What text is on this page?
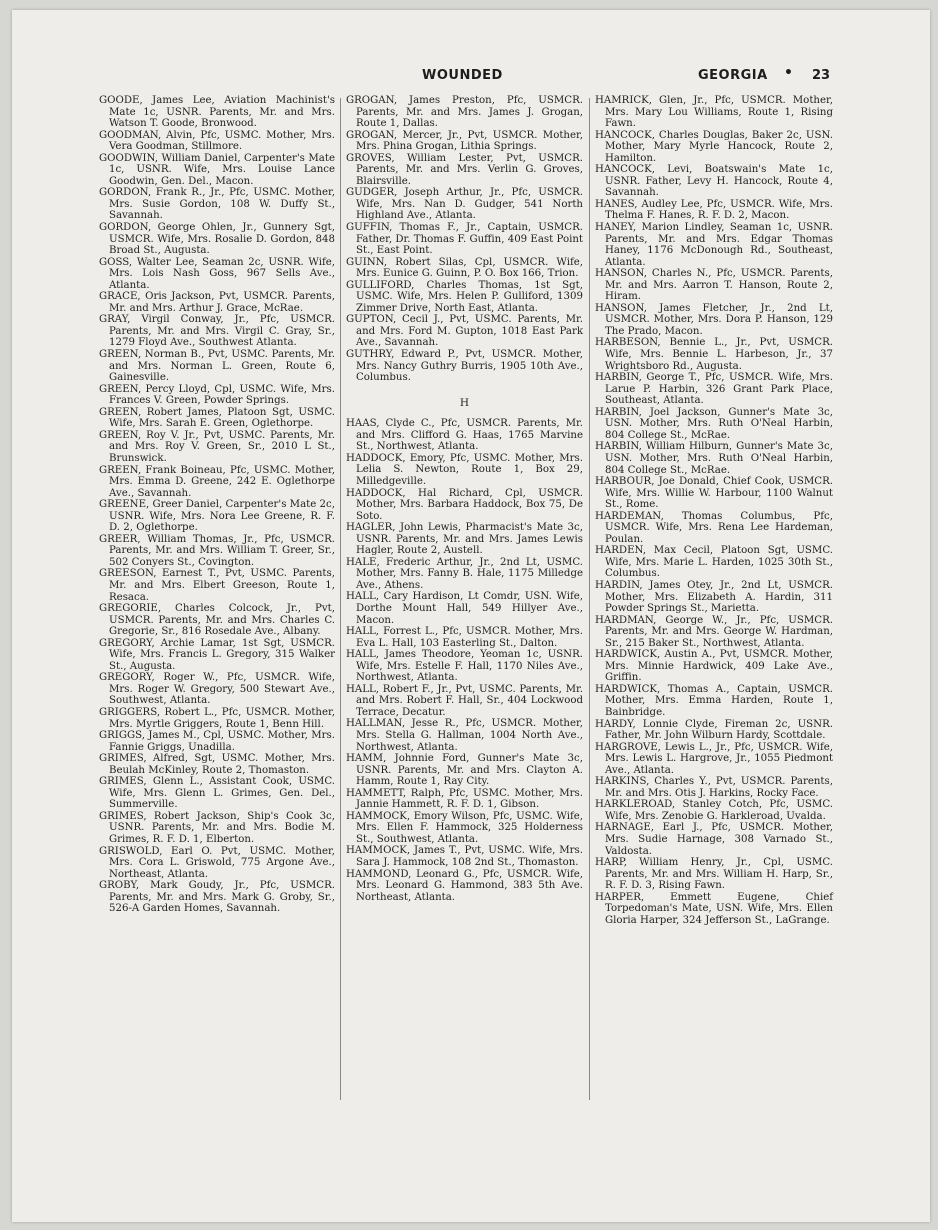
WOUNDED	GEORGIA • 23

GOODE, James Lee, Aviation Machinist's Mate 1c, USNR. Parents, Mr. and Mrs. Watson T. Goode, Bronwood.

GOODMAN, Alvin, Pfc, USMC. Mother, Mrs. Vera Goodman, Stillmore.

GOODWIN, William Daniel, Carpenter's Mate 1c, USNR. Wife, Mrs. Louise Lance Goodwin, Gen. Del., Macon.

GORDON, Frank R., Jr., Pfc, USMC. Mother, Mrs. Susie Gordon, 108 W. Duffy St., Savannah.

GORDON, George Ohlen, Jr., Gunnery Sgt, USMCR. Wife, Mrs. Rosalie D. Gordon, 848 Broad St., Augusta.

GOSS, Walter Lee, Seaman 2c, USNR. Wife, Mrs. Lois Nash Goss, 967 Sells Ave., Atlanta.

GRACE, Oris Jackson, Pvt, USMCR. Parents, Mr. and Mrs. Arthur J. Grace, McRae.

GRAY, Virgil Conway, Jr., Pfc, USMCR. Parents, Mr. and Mrs. Virgil C. Gray, Sr., 1279 Floyd Ave., Southwest Atlanta.

GREEN, Norman B., Pvt, USMC. Parents, Mr. and Mrs. Norman L. Green, Route 6, Gainesville.

GREEN, Percy Lloyd, Cpl, USMC. Wife, Mrs. Frances V. Green, Powder Springs.

GREEN, Robert James, Platoon Sgt, USMC. Wife, Mrs. Sarah E. Green, Oglethorpe.

GREEN, Roy V. Jr., Pvt, USMC. Parents, Mr. and Mrs. Roy V. Green, Sr., 2010 L St., Brunswick.

GREEN, Frank Boineau, Pfc, USMC. Mother, Mrs. Emma D. Greene, 242 E. Oglethorpe Ave., Savannah.

GREENE, Greer Daniel, Carpenter's Mate 2c, USNR. Wife, Mrs. Nora Lee Greene, R. F. D. 2, Oglethorpe.

GREER, William Thomas, Jr., Pfc, USMCR. Parents, Mr. and Mrs. William T. Greer, Sr., 502 Conyers St., Covington.

GREESON, Earnest T., Pvt, USMC. Parents, Mr. and Mrs. Elbert Greeson, Route 1, Resaca.

GREGORIE, Charles Colcock, Jr., Pvt, USMCR. Parents, Mr. and Mrs. Charles C. Gregorie, Sr., 816 Rosedale Ave., Albany.

GREGORY, Archie Lamar, 1st Sgt, USMCR. Wife, Mrs. Francis L. Gregory, 315 Walker St., Augusta.

GREGORY, Roger W., Pfc, USMCR. Wife, Mrs. Roger W. Gregory, 500 Stewart Ave., Southwest, Atlanta.

GRIGGERS, Robert L., Pfc, USMCR. Mother, Mrs. Myrtle Griggers, Route 1, Benn Hill.

GRIGGS, James M., Cpl, USMC. Mother, Mrs. Fannie Griggs, Unadilla.

GRIMES, Alfred, Sgt, USMC. Mother, Mrs. Beulah McKinley, Route 2, Thomaston.

GRIMES, Glenn L., Assistant Cook, USMC. Wife, Mrs. Glenn L. Grimes, Gen. Del., Summerville.

GRIMES, Robert Jackson, Ship's Cook 3c, USNR. Parents, Mr. and Mrs. Bodie M. Grimes, R. F. D. 1, Elberton.

GRISWOLD, Earl O. Pvt, USMC. Mother, Mrs. Cora L. Griswold, 775 Argone Ave., Northeast, Atlanta.

GROBY, Mark Goudy, Jr., Pfc, USMCR. Parents, Mr. and Mrs. Mark G. Groby, Sr., 526-A Garden Homes, Savannah.

GROGAN, James Preston, Pfc, USMCR. Parents, Mr. and Mrs. James J. Grogan, Route 1, Dallas.

GROGAN, Mercer, Jr., Pvt, USMCR. Mother, Mrs. Phina Grogan, Lithia Springs.

GROVES, William Lester, Pvt, USMCR. Parents, Mr. and Mrs. Verlin G. Groves, Blairsville.

GUDGER, Joseph Arthur, Jr., Pfc, USMCR. Wife, Mrs. Nan D. Gudger, 541 North Highland Ave., Atlanta.

GUFFIN, Thomas F., Jr., Captain, USMCR. Father, Dr. Thomas F. Guffin, 409 East Point St., East Point.

GUINN, Robert Silas, Cpl, USMCR. Wife, Mrs. Eunice G. Guinn, P. O. Box 166, Trion.

GULLIFORD, Charles Thomas, 1st Sgt, USMC. Wife, Mrs. Helen P. Gulliford, 1309 Zimmer Drive, North East, Atlanta.

GUPTON, Cecil J., Pvt, USMC. Parents, Mr. and Mrs. Ford M. Gupton, 1018 East Park Ave., Savannah.

GUTHRY, Edward P., Pvt, USMCR. Mother, Mrs. Nancy Guthry Burris, 1905 10th Ave., Columbus.

H

HAAS, Clyde C., Pfc, USMCR. Parents, Mr. and Mrs. Clifford G. Haas, 1765 Marvine St., Northwest, Atlanta.

HADDOCK, Emory, Pfc, USMC. Mother, Mrs. Lelia S. Newton, Route 1, Box 29, Milledgeville.

HADDOCK, Hal Richard, Cpl, USMCR. Mother, Mrs. Barbara Haddock, Box 75, De Soto.

HAGLER, John Lewis, Pharmacist's Mate 3c, USNR. Parents, Mr. and Mrs. James Lewis Hagler, Route 2, Austell.

HALE, Frederic Arthur, Jr., 2nd Lt, USMC. Mother, Mrs. Fanny B. Hale, 1175 Milledge Ave., Athens.

HALL, Cary Hardison, Lt Comdr, USN. Wife, Dorthe Mount Hall, 549 Hillyer Ave., Macon.

HALL, Forrest L., Pfc, USMCR. Mother, Mrs. Eva L. Hall, 103 Easterling St., Dalton.

HALL, James Theodore, Yeoman 1c, USNR. Wife, Mrs. Estelle F. Hall, 1170 Niles Ave., Northwest, Atlanta.

HALL, Robert F., Jr., Pvt, USMC. Parents, Mr. and Mrs. Robert F. Hall, Sr., 404 Lockwood Terrace, Decatur.

HALLMAN, Jesse R., Pfc, USMCR. Mother, Mrs. Stella G. Hallman, 1004 North Ave., Northwest, Atlanta.

HAMM, Johnnie Ford, Gunner's Mate 3c, USNR. Parents, Mr. and Mrs. Clayton A. Hamm, Route 1, Ray City.

HAMMETT, Ralph, Pfc, USMC. Mother, Mrs. Jannie Hammett, R. F. D. 1, Gibson.

HAMMOCK, Emory Wilson, Pfc, USMC. Wife, Mrs. Ellen F. Hammock, 325 Holderness St., Southwest, Atlanta.

HAMMOCK, James T., Pvt, USMC. Wife, Mrs. Sara J. Hammock, 108 2nd St., Thomaston.

HAMMOND, Leonard G., Pfc, USMCR. Wife, Mrs. Leonard G. Hammond, 383 5th Ave. Northeast, Atlanta.

HAMRICK, Glen, Jr., Pfc, USMCR. Mother, Mrs. Mary Lou Williams, Route 1, Rising Fawn.

HANCOCK, Charles Douglas, Baker 2c, USN. Mother, Mary Myrle Hancock, Route 2, Hamilton.

HANCOCK, Levi, Boatswain's Mate 1c, USNR. Father, Levy H. Hancock, Route 4, Savannah.

HANES, Audley Lee, Pfc, USMCR. Wife, Mrs. Thelma F. Hanes, R. F. D. 2, Macon.

HANEY, Marion Lindley, Seaman 1c, USNR. Parents, Mr. and Mrs. Edgar Thomas Haney, 1176 McDonough Rd., Southeast, Atlanta.

HANSON, Charles N., Pfc, USMCR. Parents, Mr. and Mrs. Aarron T. Hanson, Route 2, Hiram.

HANSON, James Fletcher, Jr., 2nd Lt, USMCR. Mother, Mrs. Dora P. Hanson, 129 The Prado, Macon.

HARBESON, Bennie L., Jr., Pvt, USMCR. Wife, Mrs. Bennie L. Harbeson, Jr., 37 Wrightsboro Rd., Augusta.

HARBIN, George T., Pfc, USMCR. Wife, Mrs. Larue P. Harbin, 326 Grant Park Place, Southeast, Atlanta.

HARBIN, Joel Jackson, Gunner's Mate 3c, USN. Mother, Mrs. Ruth O'Neal Harbin, 804 College St., McRae.

HARBIN, William Hilburn, Gunner's Mate 3c, USN. Mother, Mrs. Ruth O'Neal Harbin, 804 College St., McRae.

HARBOUR, Joe Donald, Chief Cook, USMCR. Wife, Mrs. Willie W. Harbour, 1100 Walnut St., Rome.

HARDEMAN, Thomas Columbus, Pfc, USMCR. Wife, Mrs. Rena Lee Hardeman, Poulan.

HARDEN, Max Cecil, Platoon Sgt, USMC. Wife, Mrs. Marie L. Harden, 1025 30th St., Columbus.

HARDIN, James Otey, Jr., 2nd Lt, USMCR. Mother, Mrs. Elizabeth A. Hardin, 311 Powder Springs St., Marietta.

HARDMAN, George W., Jr., Pfc, USMCR. Parents, Mr. and Mrs. George W. Hardman, Sr., 215 Baker St., Northwest, Atlanta.

HARDWICK, Austin A., Pvt, USMCR. Mother, Mrs. Minnie Hardwick, 409 Lake Ave., Griffin.

HARDWICK, Thomas A., Captain, USMCR. Mother, Mrs. Emma Harden, Route 1, Bainbridge.

HARDY, Lonnie Clyde, Fireman 2c, USNR. Father, Mr. John Wilburn Hardy, Scottdale.

HARGROVE, Lewis L., Jr., Pfc, USMCR. Wife, Mrs. Lewis L. Hargrove, Jr., 1055 Piedmont Ave., Atlanta.

HARKINS, Charles Y., Pvt, USMCR. Parents, Mr. and Mrs. Otis J. Harkins, Rocky Face.

HARKLEROAD, Stanley Cotch, Pfc, USMC. Wife, Mrs. Zenobie G. Harkleroad, Uvalda.

HARNAGE, Earl J., Pfc, USMCR. Mother, Mrs. Sudie Harnage, 308 Varnado St., Valdosta.

HARP, William Henry, Jr., Cpl, USMC. Parents, Mr. and Mrs. William H. Harp, Sr., R. F. D. 3, Rising Fawn.

HARPER, Emmett Eugene, Chief Torpedoman's Mate, USN. Wife, Mrs. Ellen Gloria Harper, 324 Jefferson St., LaGrange.
